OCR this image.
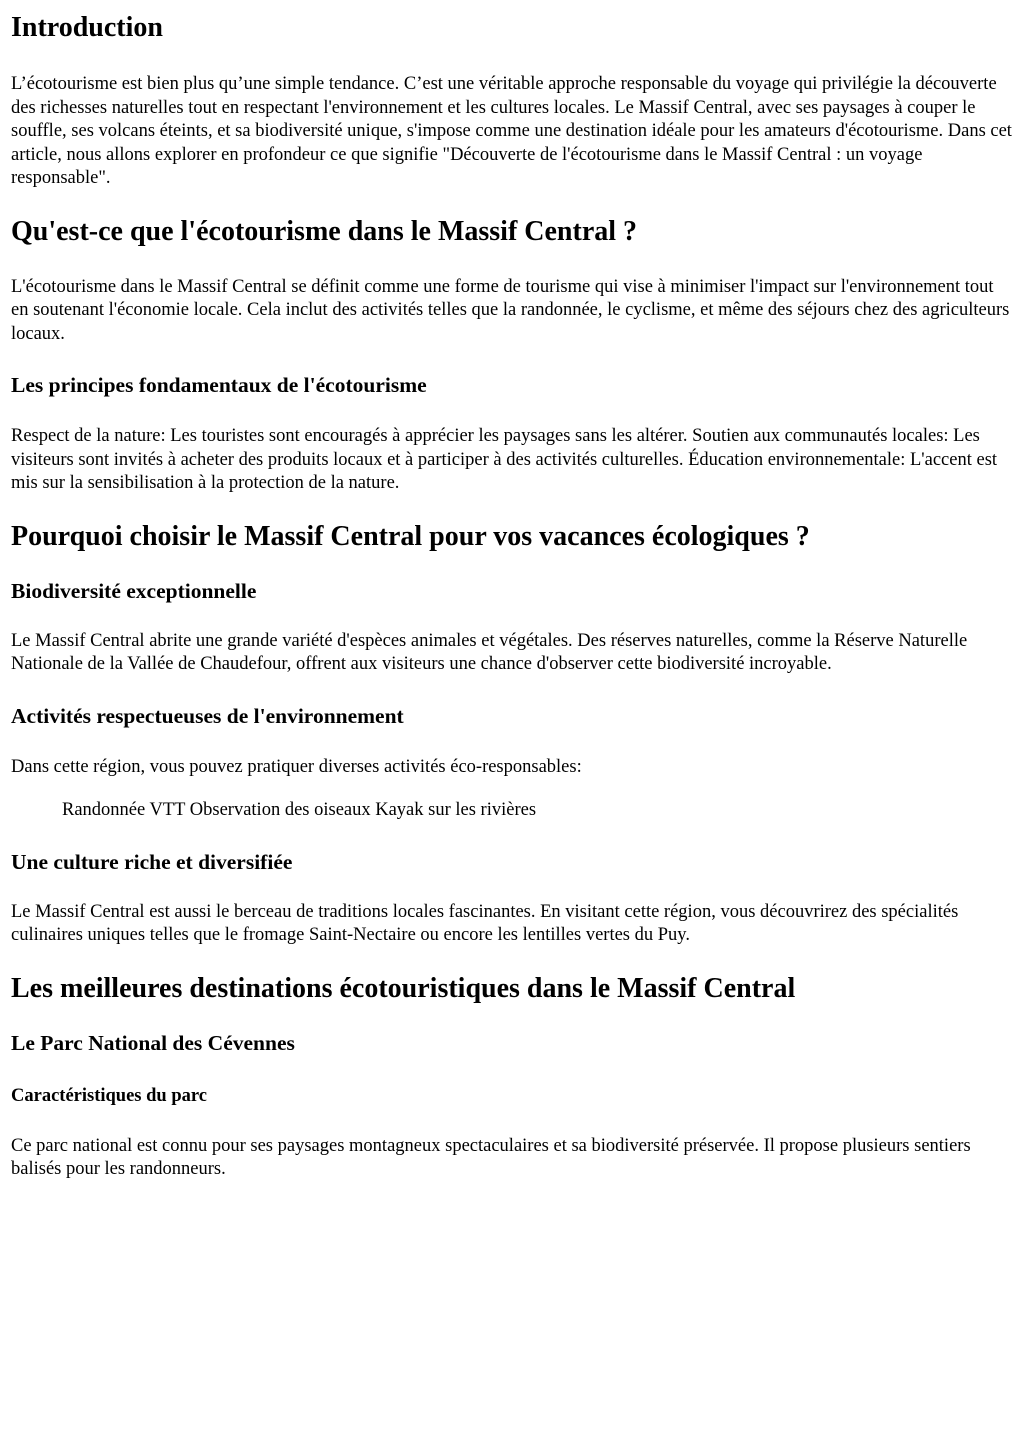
Introduction

L’écotourisme est bien plus qu’une simple tendance. C’est une véritable approche responsable du voyage qui privilégie la découverte des richesses naturelles tout en respectant l'environnement et les cultures locales. Le Massif Central, avec ses paysages à couper le souffle, ses volcans éteints, et sa biodiversité unique, s'impose comme une destination idéale pour les amateurs d'écotourisme. Dans cet article, nous allons explorer en profondeur ce que signifie "Découverte de l'écotourisme dans le Massif Central : un voyage responsable".

Qu'est-ce que l'écotourisme dans le Massif Central ?

L'écotourisme dans le Massif Central se définit comme une forme de tourisme qui vise à minimiser l'impact sur l'environnement tout en soutenant l'économie locale. Cela inclut des activités telles que la randonnée, le cyclisme, et même des séjours chez des agriculteurs locaux.

Les principes fondamentaux de l'écotourisme

Respect de la nature: Les touristes sont encouragés à apprécier les paysages sans les altérer. Soutien aux communautés locales: Les visiteurs sont invités à acheter des produits locaux et à participer à des activités culturelles. Éducation environnementale: L'accent est mis sur la sensibilisation à la protection de la nature.

Pourquoi choisir le Massif Central pour vos vacances écologiques ?
Biodiversité exceptionnelle

Le Massif Central abrite une grande variété d'espèces animales et végétales. Des réserves naturelles, comme la Réserve Naturelle Nationale de la Vallée de Chaudefour, offrent aux visiteurs une chance d'observer cette biodiversité incroyable.

Activités respectueuses de l'environnement

Dans cette région, vous pouvez pratiquer diverses activités éco-responsables:

Randonnée VTT Observation des oiseaux Kayak sur les rivières

Une culture riche et diversifiée

Le Massif Central est aussi le berceau de traditions locales fascinantes. En visitant cette région, vous découvrirez des spécialités culinaires uniques telles que le fromage Saint-Nectaire ou encore les lentilles vertes du Puy.

Les meilleures destinations écotouristiques dans le Massif Central
Le Parc National des Cévennes
Caractéristiques du parc

Ce parc national est connu pour ses paysages montagneux spectaculaires et sa biodiversité préservée. Il propose plusieurs sentiers balisés pour les randonneurs.
